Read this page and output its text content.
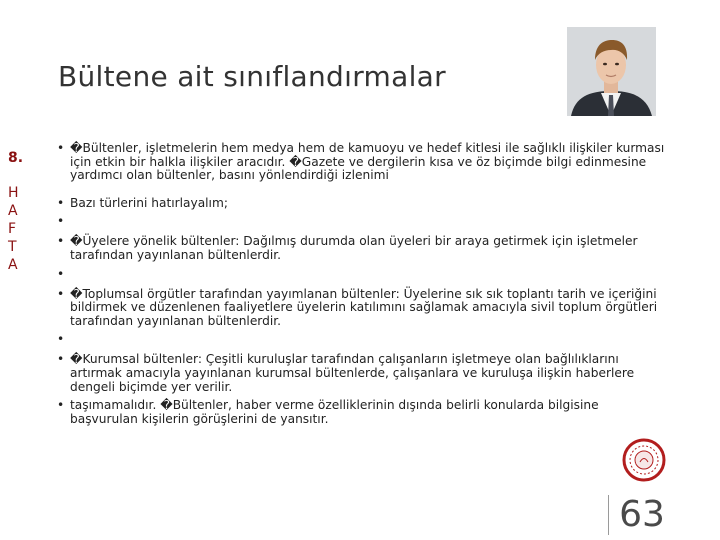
Bültene ait sınıflandırmalar
8.
H
A
F
T
A
• �Bültenler, işletmelerin hem medya hem de kamuoyu ve hedef kitlesi ile sağlıklı ilişkiler kurması için etkin bir halkla ilişkiler aracıdır. �Gazete ve dergilerin kısa ve öz biçimde bilgi edinmesine yardımcı olan bültenler, basını yönlendirdiği izlenimi
• Bazı türlerini hatırlayalım;
•
• �Üyelere yönelik bültenler: Dağılmış durumda olan üyeleri bir araya getirmek için işletmeler tarafından yayınlanan bültenlerdir.
•
• �Toplumsal örgütler tarafından yayımlanan bültenler: Üyelerine sık sık toplantı tarih ve içeriğini bildirmek ve düzenlenen faaliyetlere üyelerin katılımını sağlamak amacıyla sivil toplum örgütleri tarafından yayınlanan bültenlerdir.
•
• �Kurumsal bültenler: Çeşitli kuruluşlar tarafından çalışanların işletmeye olan bağlılıklarını artırmak amacıyla yayınlanan kurumsal bültenlerde, çalışanlara ve kuruluşa ilişkin haberlere dengeli biçimde yer verilir.
• taşımamalıdır. �Bültenler, haber verme özelliklerinin dışında belirli konularda bilgisine başvurulan kişilerin görüşlerini de yansıtır.
63
